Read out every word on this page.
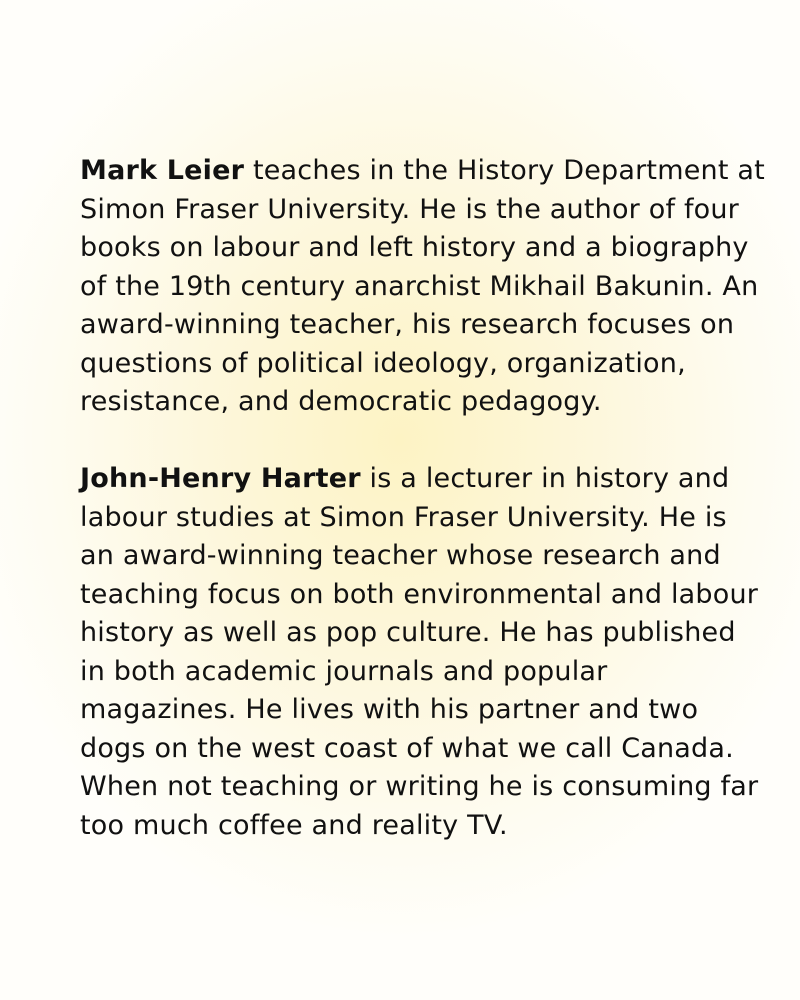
Mark Leier teaches in the History Department at
Simon Fraser University. He is the author of four
books on labour and left history and a biography
of the 19th century anarchist Mikhail Bakunin. An
award-winning teacher, his research focuses on
questions of political ideology, organization,
resistance, and democratic pedagogy.

John-Henry Harter is a lecturer in history and
labour studies at Simon Fraser University. He is
an award-winning teacher whose research and
teaching focus on both environmental and labour
history as well as pop culture. He has published
in both academic journals and popular
magazines. He lives with his partner and two
dogs on the west coast of what we call Canada.
When not teaching or writing he is consuming far
too much coffee and reality TV.
